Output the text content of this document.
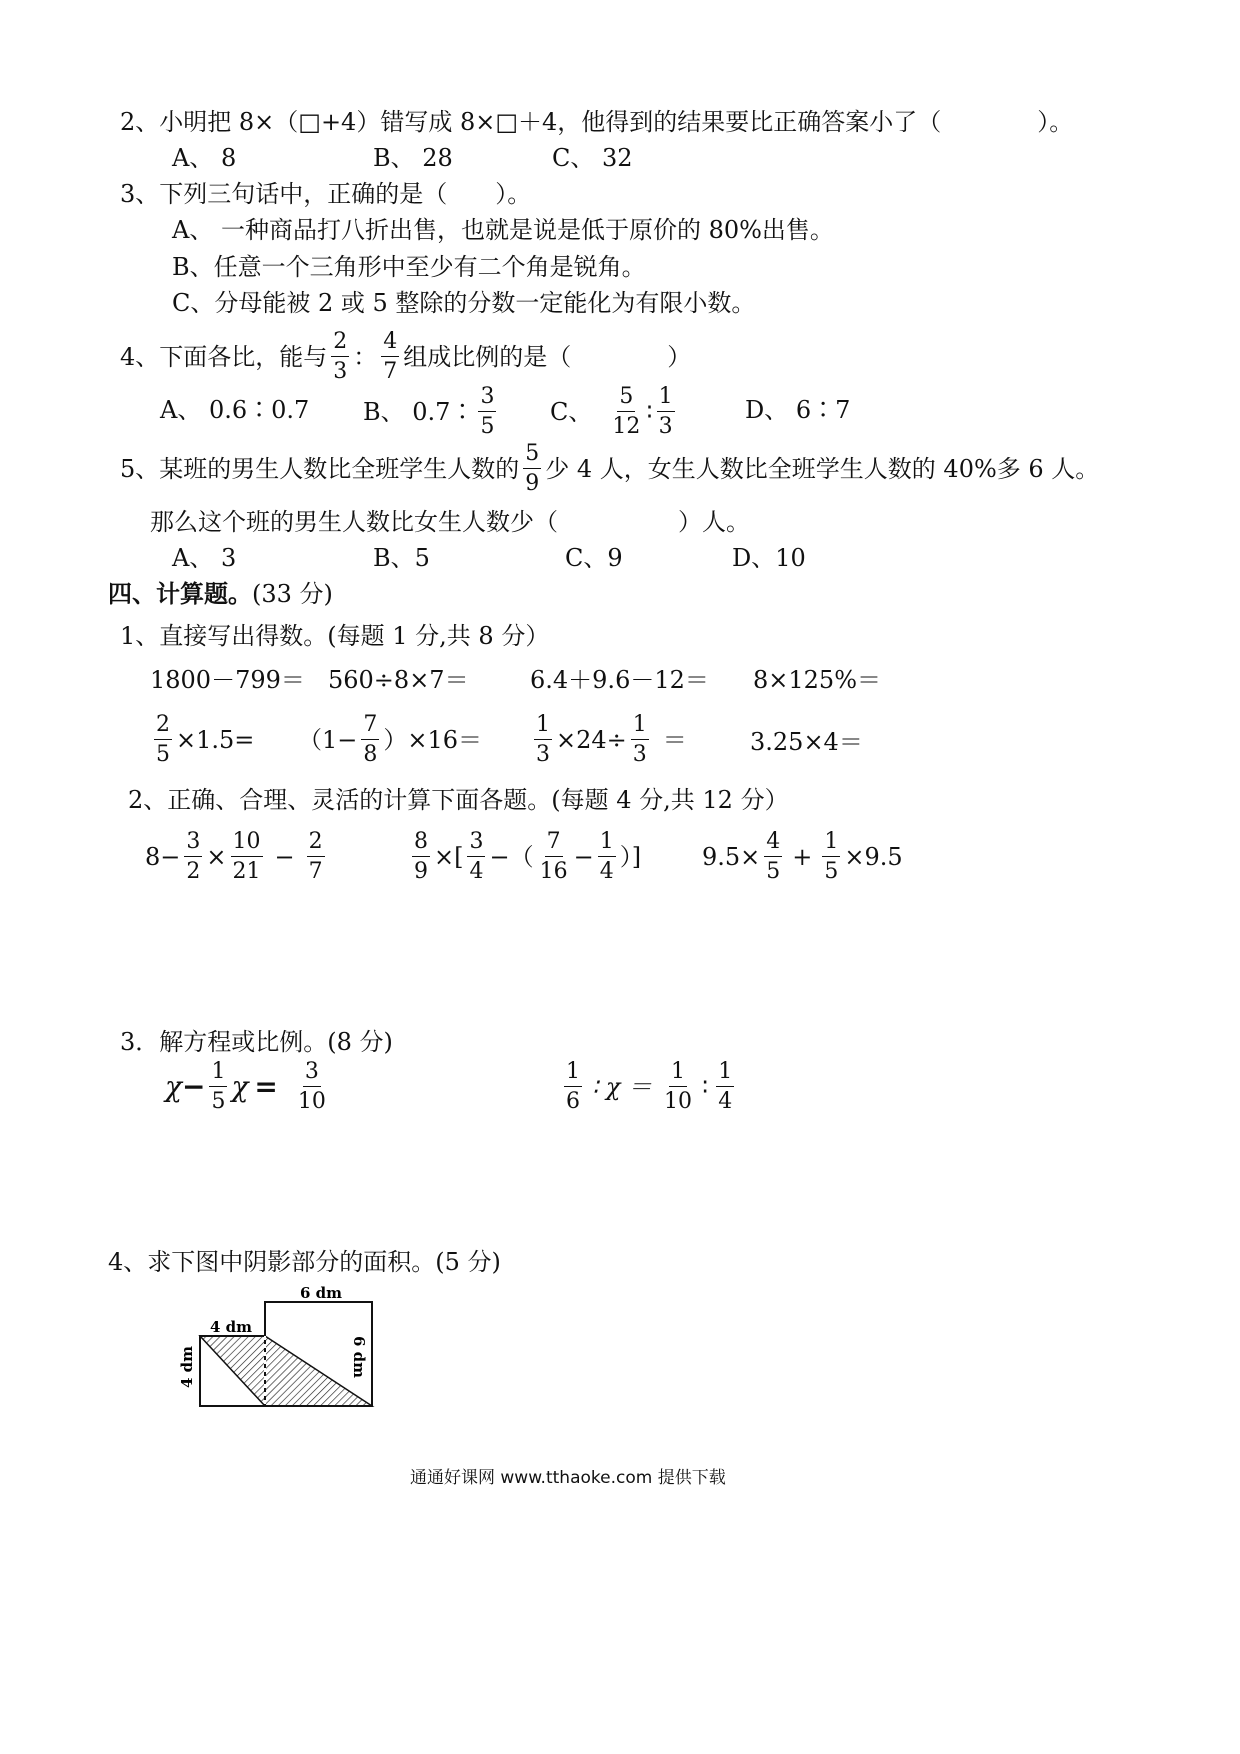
2、小明把 8×（□+4）错写成 8×□＋4，他得到的结果要比正确答案小了（　　　　）。
A、 8	B、 28	C、 32
3、下列三句话中，正确的是（　　）。
A、 一种商品打八折出售，也就是说是低于原价的 80%出售。
B、任意一个三角形中至少有二个角是锐角。
C、分母能被 2 或 5 整除的分数一定能化为有限小数。
4、下面各比，能与 $\frac{2}{3}$ ： $\frac{4}{7}$ 组成比例的是（　　　　）
A、 0.6∶0.7 B、 0.7∶ $\frac{3}{5}$ C、 $\frac{5}{12}$ ∶ $\frac{1}{3}$	D、 6∶7
5、某班的男生人数比全班学生人数的 $\frac{5}{9}$ 少 4 人，女生人数比全班学生人数的 40%多 6 人。
那么这个班的男生人数比女生人数少（　　　　　）人。
A、 3	B、5	C、9	D、10
四、计算题。(33 分)
1、直接写出得数。(每题 1 分,共 8 分）
1800－799＝ 560÷8×7＝	6.4＋9.6－12＝ 8×125%＝
$\frac{2}{5} \times 1.5= (1- \frac{7}{8} )\times 16= \frac{1}{3} \times 24\div \frac{1}{3}$ ＝	3.25×4＝
2、正确、合理、灵活的计算下面各题。(每题 4 分,共 12 分）
$8- \frac{3}{2} \times \frac{10}{21} - \frac{2}{7}$	$\frac{8}{9}$ ×[ $\frac{3}{4}$ −（ $\frac{7}{16} - \frac{1}{4}$ ）]	$9.5\times \frac{4}{5} + \frac{1}{5} \times 9.5$
3．解方程或比例。(8 分)
$\chi - \frac{1}{5}$ $\chi = \frac{3}{10}$	$\frac{1}{6}$ ∶ $\chi = \frac{1}{10}$ ∶ $\frac{1}{4}$
4、求下图中阴影部分的面积。(5 分)
6 dm
4 dm
4 dm	6 dm
通通好课网 www.tthaoke.com 提供下载
